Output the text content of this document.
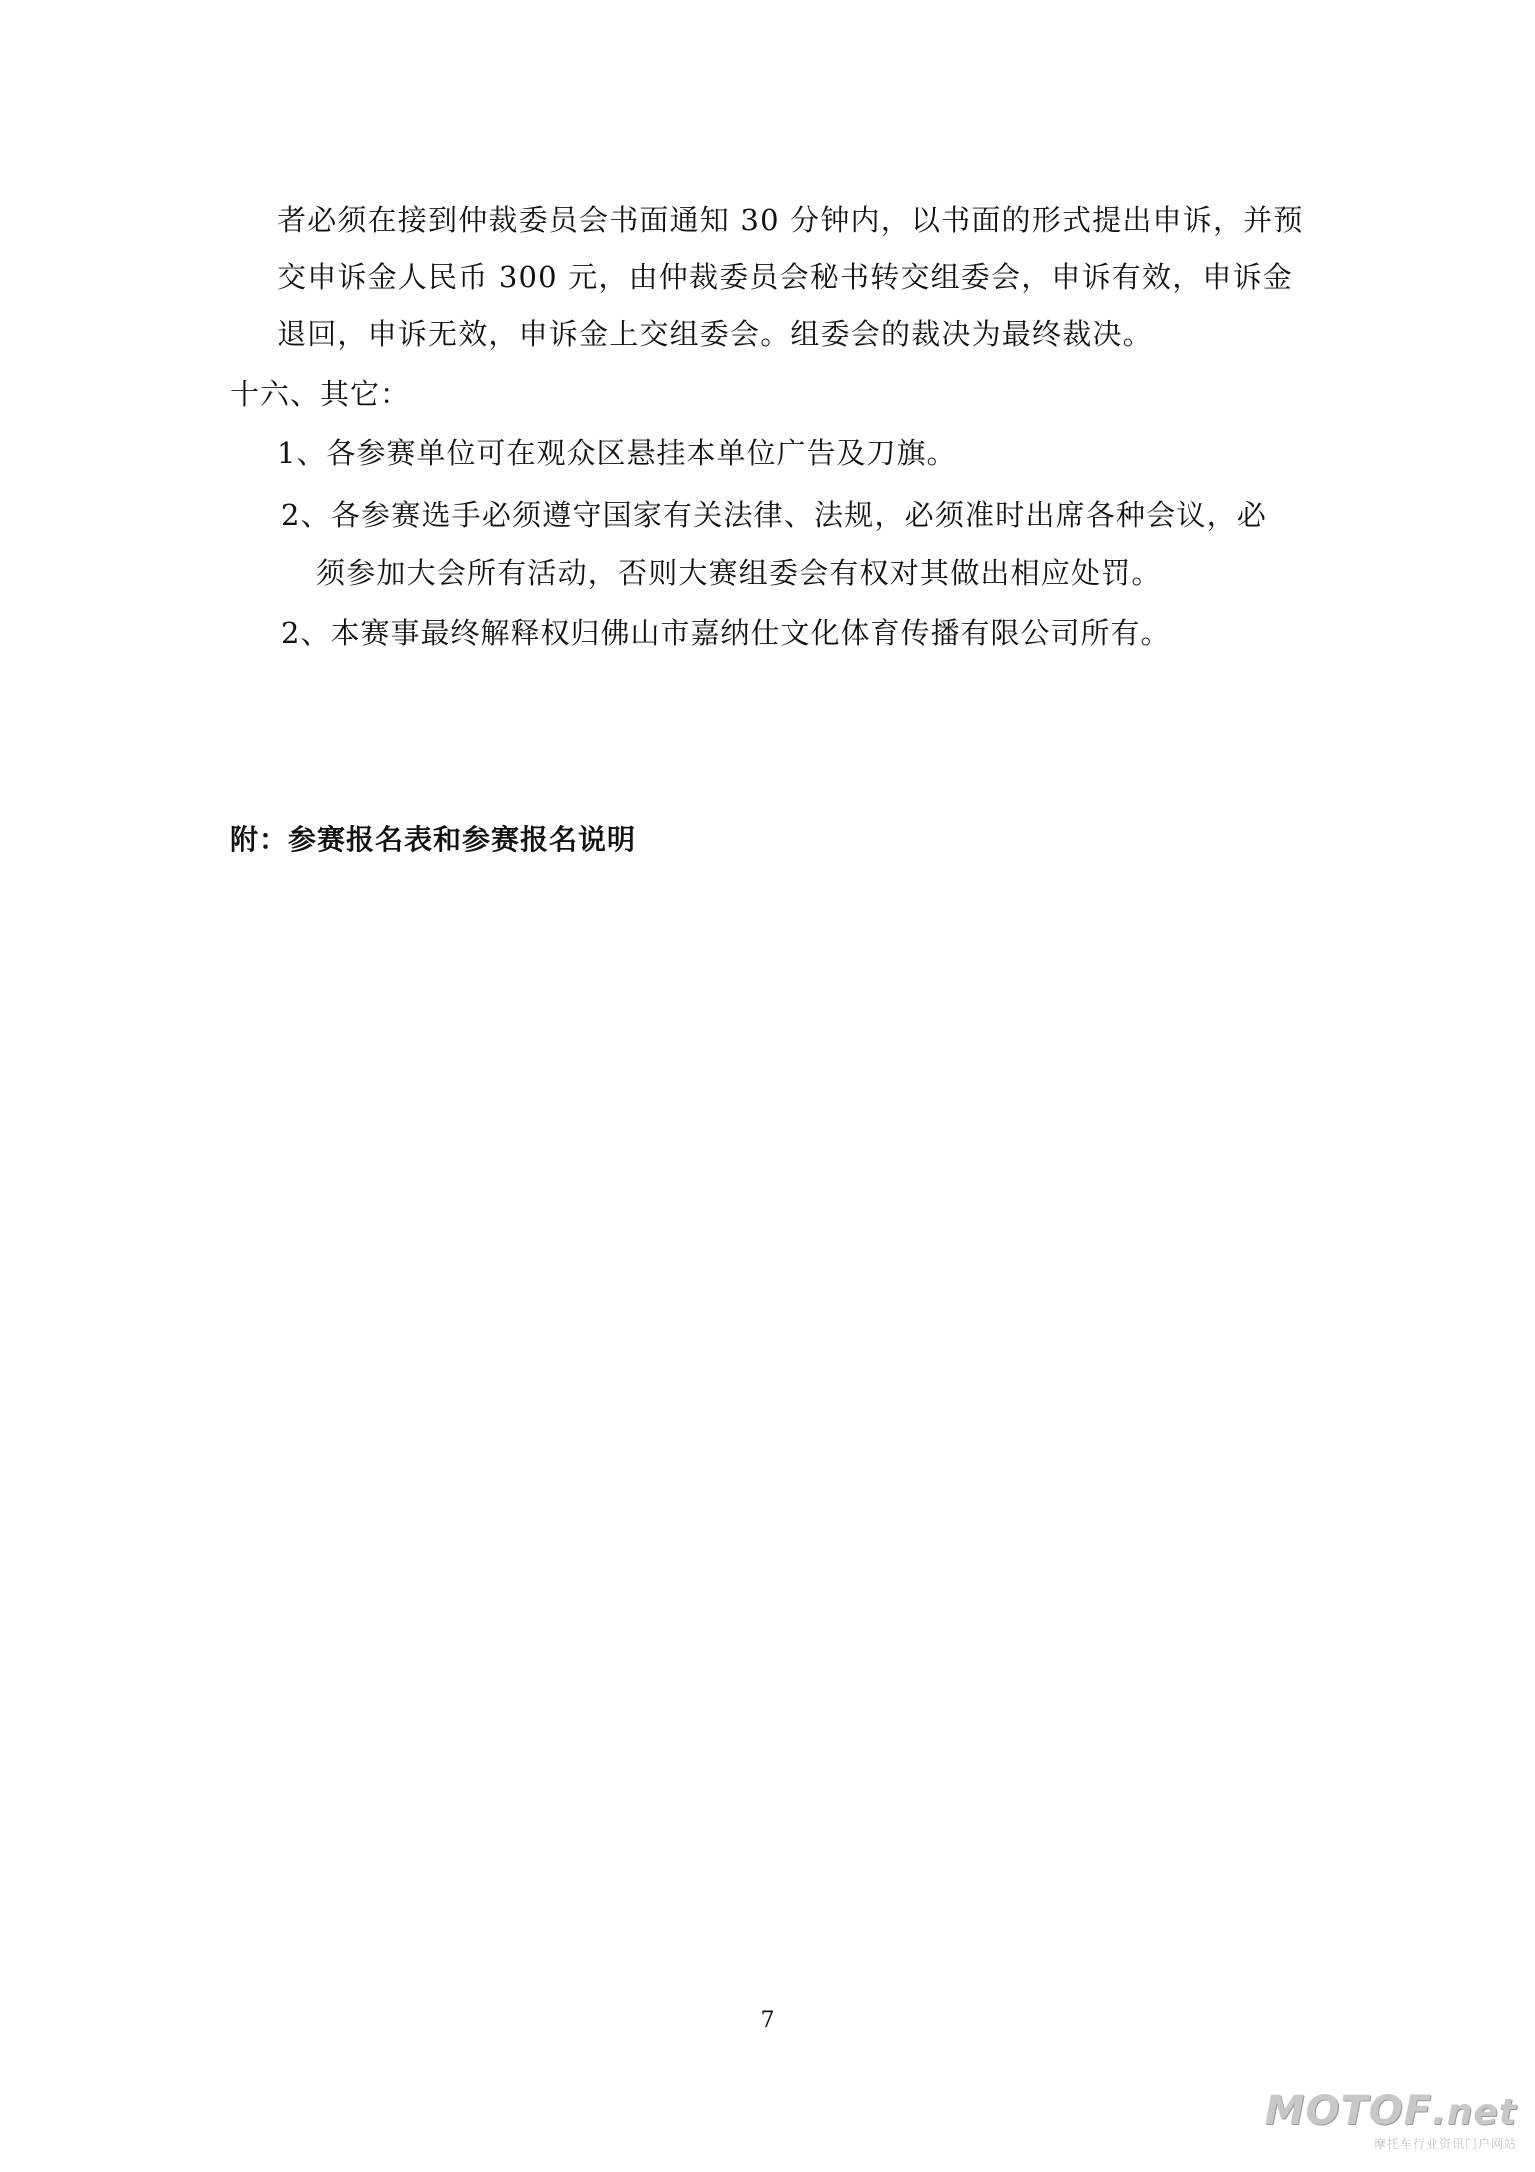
者必须在接到仲裁委员会书面通知 30 分钟内，以书面的形式提出申诉，并预
交申诉金人民币 300 元，由仲裁委员会秘书转交组委会，申诉有效，申诉金
退回，申诉无效，申诉金上交组委会。组委会的裁决为最终裁决。
十六、其它：
1、各参赛单位可在观众区悬挂本单位广告及刀旗。
2、各参赛选手必须遵守国家有关法律、法规，必须准时出席各种会议，必
须参加大会所有活动，否则大赛组委会有权对其做出相应处罚。
2、本赛事最终解释权归佛山市嘉纳仕文化体育传播有限公司所有。
附：参赛报名表和参赛报名说明
7
MOTOF.net
摩托车行业资讯门户网站
